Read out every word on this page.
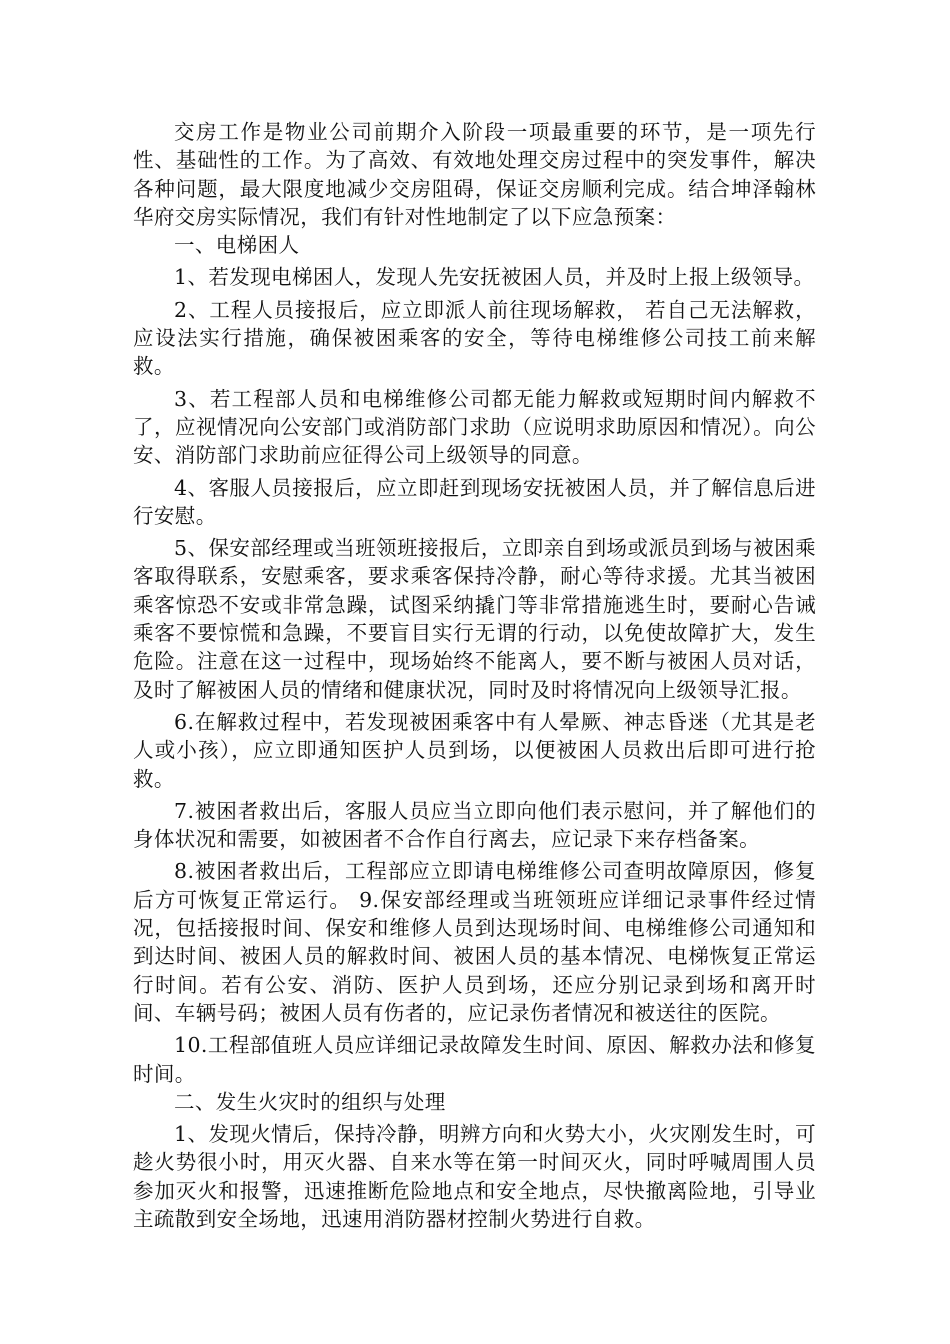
交房工作是物业公司前期介入阶段一项最重要的环节，是一项先行性、基础性的工作。为了高效、有效地处理交房过程中的突发事件，解决各种问题，最大限度地减少交房阻碍，保证交房顺利完成。结合坤泽翰林华府交房实际情况，我们有针对性地制定了以下应急预案：

一、电梯困人

1、若发现电梯困人，发现人先安抚被困人员，并及时上报上级领导。

2、工程人员接报后，应立即派人前往现场解救， 若自己无法解救，应设法实行措施，确保被困乘客的安全，等待电梯维修公司技工前来解救。

3、若工程部人员和电梯维修公司都无能力解救或短期时间内解救不了，应视情况向公安部门或消防部门求助（应说明求助原因和情况）。向公安、消防部门求助前应征得公司上级领导的同意。

4、客服人员接报后，应立即赶到现场安抚被困人员，并了解信息后进行安慰。

5、保安部经理或当班领班接报后，立即亲自到场或派员到场与被困乘客取得联系，安慰乘客，要求乘客保持冷静，耐心等待求援。尤其当被困乘客惊恐不安或非常急躁，试图采纳撬门等非常措施逃生时，要耐心告诫乘客不要惊慌和急躁，不要盲目实行无谓的行动，以免使故障扩大，发生危险。注意在这一过程中，现场始终不能离人，要不断与被困人员对话，及时了解被困人员的情绪和健康状况，同时及时将情况向上级领导汇报。

6.在解救过程中，若发现被困乘客中有人晕厥、神志昏迷（尤其是老人或小孩），应立即通知医护人员到场，以便被困人员救出后即可进行抢救。

7.被困者救出后，客服人员应当立即向他们表示慰问，并了解他们的身体状况和需要，如被困者不合作自行离去，应记录下来存档备案。

8.被困者救出后，工程部应立即请电梯维修公司查明故障原因，修复后方可恢复正常运行。 9.保安部经理或当班领班应详细记录事件经过情况，包括接报时间、保安和维修人员到达现场时间、电梯维修公司通知和到达时间、被困人员的解救时间、被困人员的基本情况、电梯恢复正常运行时间。若有公安、消防、医护人员到场，还应分别记录到场和离开时间、车辆号码；被困人员有伤者的，应记录伤者情况和被送往的医院。

10.工程部值班人员应详细记录故障发生时间、原因、解救办法和修复时间。

二、发生火灾时的组织与处理

1、发现火情后，保持冷静，明辨方向和火势大小，火灾刚发生时，可趁火势很小时，用灭火器、自来水等在第一时间灭火，同时呼喊周围人员参加灭火和报警，迅速推断危险地点和安全地点，尽快撤离险地，引导业主疏散到安全场地，迅速用消防器材控制火势进行自救。
